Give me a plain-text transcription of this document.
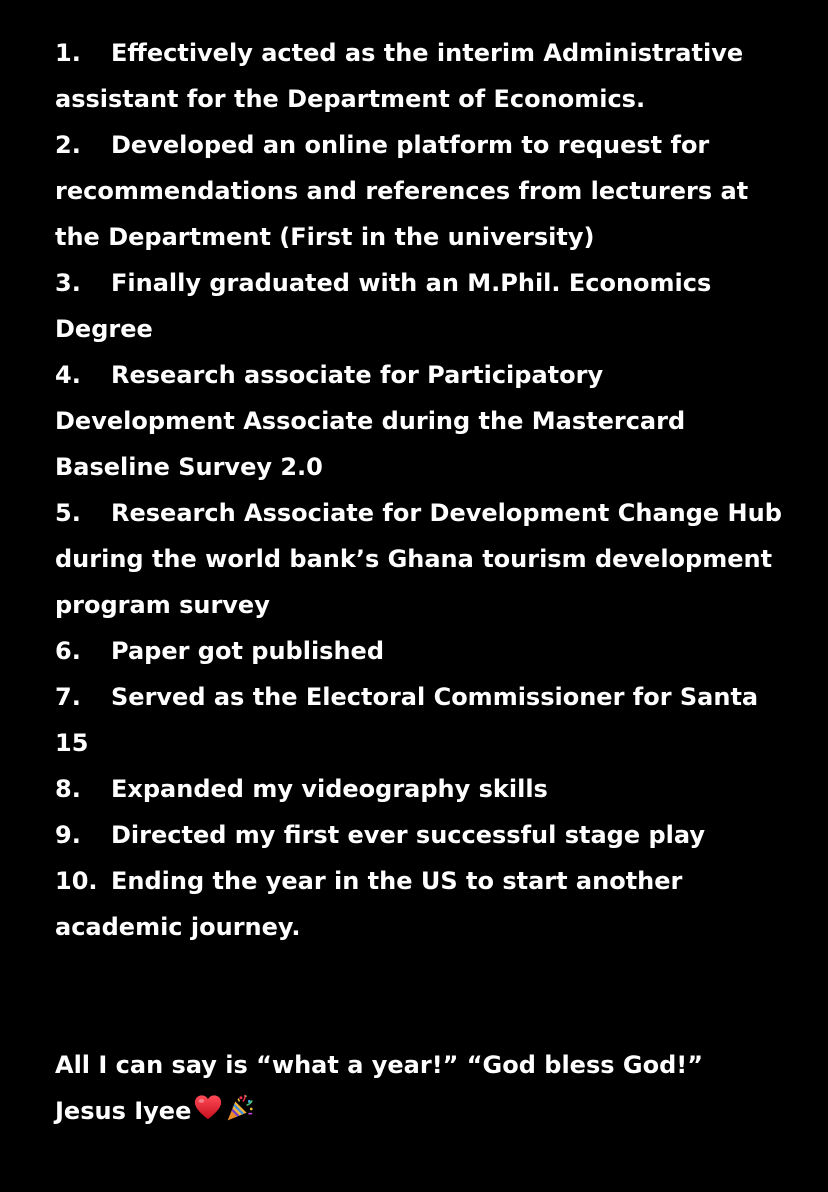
1. Effectively acted as the interim Administrative assistant for the Department of Economics.
2. Developed an online platform to request for recommendations and references from lecturers at the Department (First in the university)
3. Finally graduated with an M.Phil. Economics Degree
4. Research associate for Participatory Development Associate during the Mastercard Baseline Survey 2.0
5. Research Associate for Development Change Hub during the world bank’s Ghana tourism development program survey
6. Paper got published
7. Served as the Electoral Commissioner for Santa 15
8. Expanded my videography skills
9. Directed my first ever successful stage play
10. Ending the year in the US to start another academic journey.
All I can say is “what a year!” “God bless God!”
Jesus Iyee
